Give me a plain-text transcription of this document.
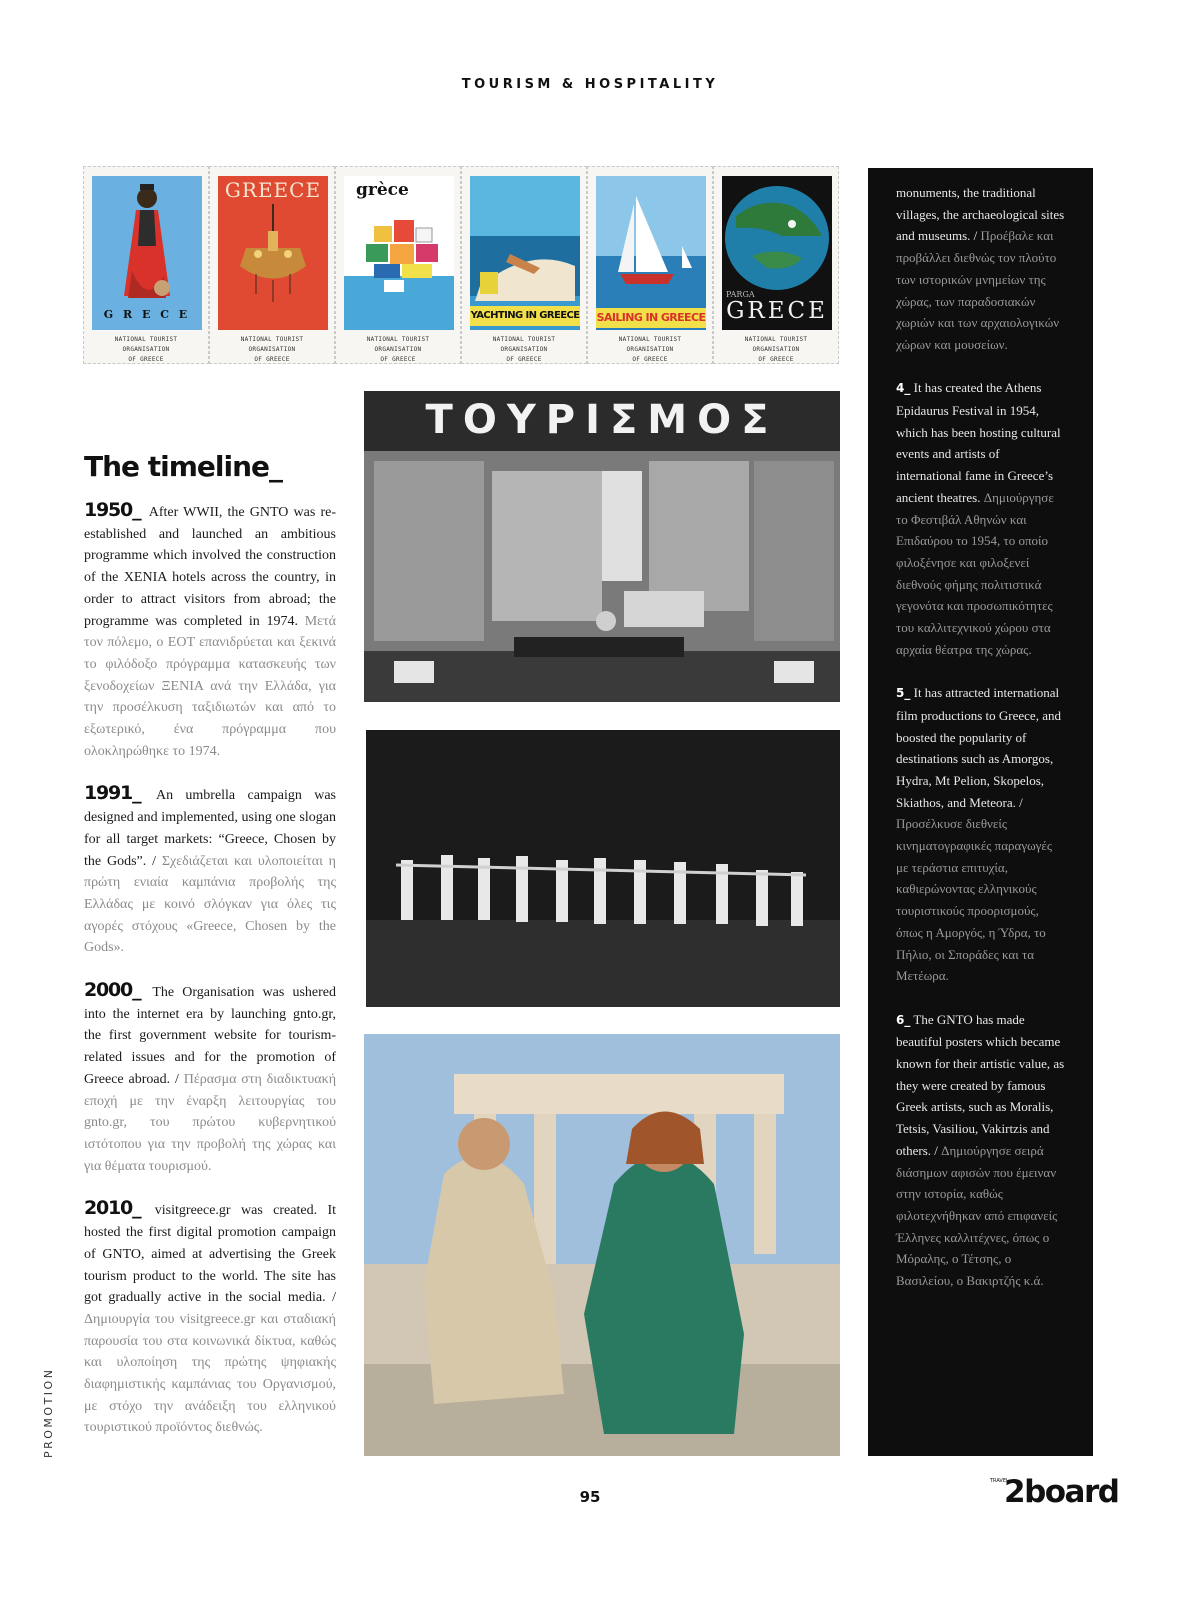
TOURISM & HOSPITALITY
G R E C E
NATIONAL TOURIST ORGANISATION
OF GREECE
GREECE
NATIONAL TOURIST ORGANISATION
OF GREECE
grèce
NATIONAL TOURIST ORGANISATION
OF GREECE
YACHTING IN GREECE
NATIONAL TOURIST ORGANISATION
OF GREECE
SAILING IN GREECE
NATIONAL TOURIST ORGANISATION
OF GREECE
PARGA
GRECE
NATIONAL TOURIST ORGANISATION
OF GREECE
The timeline_
1950_ After WWII, the GNTO was re-established and launched an ambitious programme which involved the construction of the XENIA hotels across the country, in order to attract visitors from abroad; the programme was completed in 1974. Μετά τον πόλεμο, ο ΕΟΤ επανιδρύεται και ξεκινά το φιλόδοξο πρόγραμμα κατασκευής των ξενοδοχείων ΞΕΝΙΑ ανά την Ελλάδα, για την προσέλκυση ταξιδιωτών και από το εξωτερικό, ένα πρόγραμμα που ολοκληρώθηκε το 1974.
1991_ An umbrella campaign was designed and implemented, using one slogan for all target markets: “Greece, Chosen by the Gods”. / Σχεδιάζεται και υλοποιείται η πρώτη ενιαία καμπάνια προβολής της Ελλάδας με κοινό σλόγκαν για όλες τις αγορές στόχους «Greece, Chosen by the Gods».
2000_ The Organisation was ushered into the internet era by launching gnto.gr, the first government website for tourism-related issues and for the promotion of Greece abroad. / Πέρασμα στη διαδικτυακή εποχή με την έναρξη λειτουργίας του gnto.gr, του πρώτου κυβερνητικού ιστότοπου για την προβολή της χώρας και για θέματα τουρισμού.
2010_ visitgreece.gr was created. It hosted the first digital promotion campaign of GNTO, aimed at advertising the Greek tourism product to the world. The site has got gradually active in the social media. / Δημιουργία του visitgreece.gr και σταδιακή παρουσία του στα κοινωνικά δίκτυα, καθώς και υλοποίηση της πρώτης ψηφιακής διαφημιστικής καμπάνιας του Οργανισμού, με στόχο την ανάδειξη του ελληνικού τουριστικού προϊόντος διεθνώς.
ΤΟΥΡΙΣΜΟΣ
monuments, the traditional villages, the archaeological sites and museums. / Προέβαλε και προβάλλει διεθνώς τον πλούτο των ιστορικών μνημείων της χώρας, των παραδοσιακών χωριών και των αρχαιολογικών χώρων και μουσείων.
4_ It has created the Athens Epidaurus Festival in 1954, which has been hosting cultural events and artists of international fame in Greece’s ancient theatres. Δημιούργησε το Φεστιβάλ Αθηνών και Επιδαύρου το 1954, το οποίο φιλοξένησε και φιλοξενεί διεθνούς φήμης πολιτιστικά γεγονότα και προσωπικότητες του καλλιτεχνικού χώρου στα αρχαία θέατρα της χώρας.
5_ It has attracted international film productions to Greece, and boosted the popularity of destinations such as Amorgos, Hydra, Mt Pelion, Skopelos, Skiathos, and Meteora. / Προσέλκυσε διεθνείς κινηματογραφικές παραγωγές με τεράστια επιτυχία, καθιερώνοντας ελληνικούς τουριστικούς προορισμούς, όπως η Αμοργός, η Ύδρα, το Πήλιο, οι Σποράδες και τα Μετέωρα.
6_ The GNTO has made beautiful posters which became known for their artistic value, as they were created by famous Greek artists, such as Moralis, Tetsis, Vasiliou, Vakirtzis and others. / Δημιούργησε σειρά διάσημων αφισών που έμειναν στην ιστορία, καθώς φιλοτεχνήθηκαν από επιφανείς Έλληνες καλλιτέχνες, όπως ο Μόραλης, ο Τέτσης, ο Βασιλείου, ο Βακιρτζής κ.ά.
PROMOTION
95
TRAVEL
2board
